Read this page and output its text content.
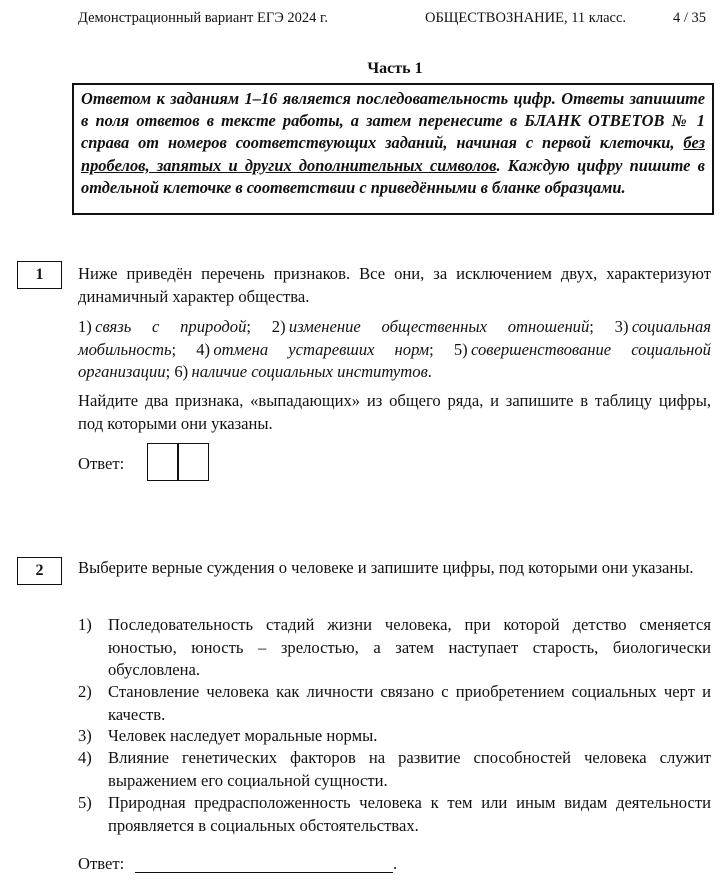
Демонстрационный вариант ЕГЭ 2024 г.	ОБЩЕСТВОЗНАНИЕ, 11 класс.	4 / 35
Часть 1
Ответом к заданиям 1–16 является последовательность цифр. Ответы запишите в поля ответов в тексте работы, а затем перенесите в БЛАНК ОТВЕТОВ № 1 справа от номеров соответствующих заданий, начиная с первой клеточки, без пробелов, запятых и других дополнительных символов. Каждую цифру пишите в отдельной клеточке в соответствии с приведёнными в бланке образцами.
1	Ниже приведён перечень признаков. Все они, за исключением двух, характеризуют динамичный характер общества.
1)  связь с природой; 2)  изменение общественных отношений; 3)  социальная мобильность; 4)  отмена устаревших норм; 5)  совершенствование социальной организации; 6)  наличие социальных институтов.
Найдите два признака, «выпадающих» из общего ряда, и запишите в таблицу цифры, под которыми они указаны.
Ответ:
2	Выберите верные суждения о человеке и запишите цифры, под которыми они указаны.
1) Последовательность стадий жизни человека, при которой детство сменяется юностью, юность – зрелостью, а затем наступает старость, биологически обусловлена.
2) Становление человека как личности связано с приобретением социальных черт и качеств.
3) Человек наследует моральные нормы.
4) Влияние генетических факторов на развитие способностей человека служит выражением его социальной сущности.
5) Природная предрасположенность человека к тем или иным видам деятельности проявляется в социальных обстоятельствах.
Ответ:	.
